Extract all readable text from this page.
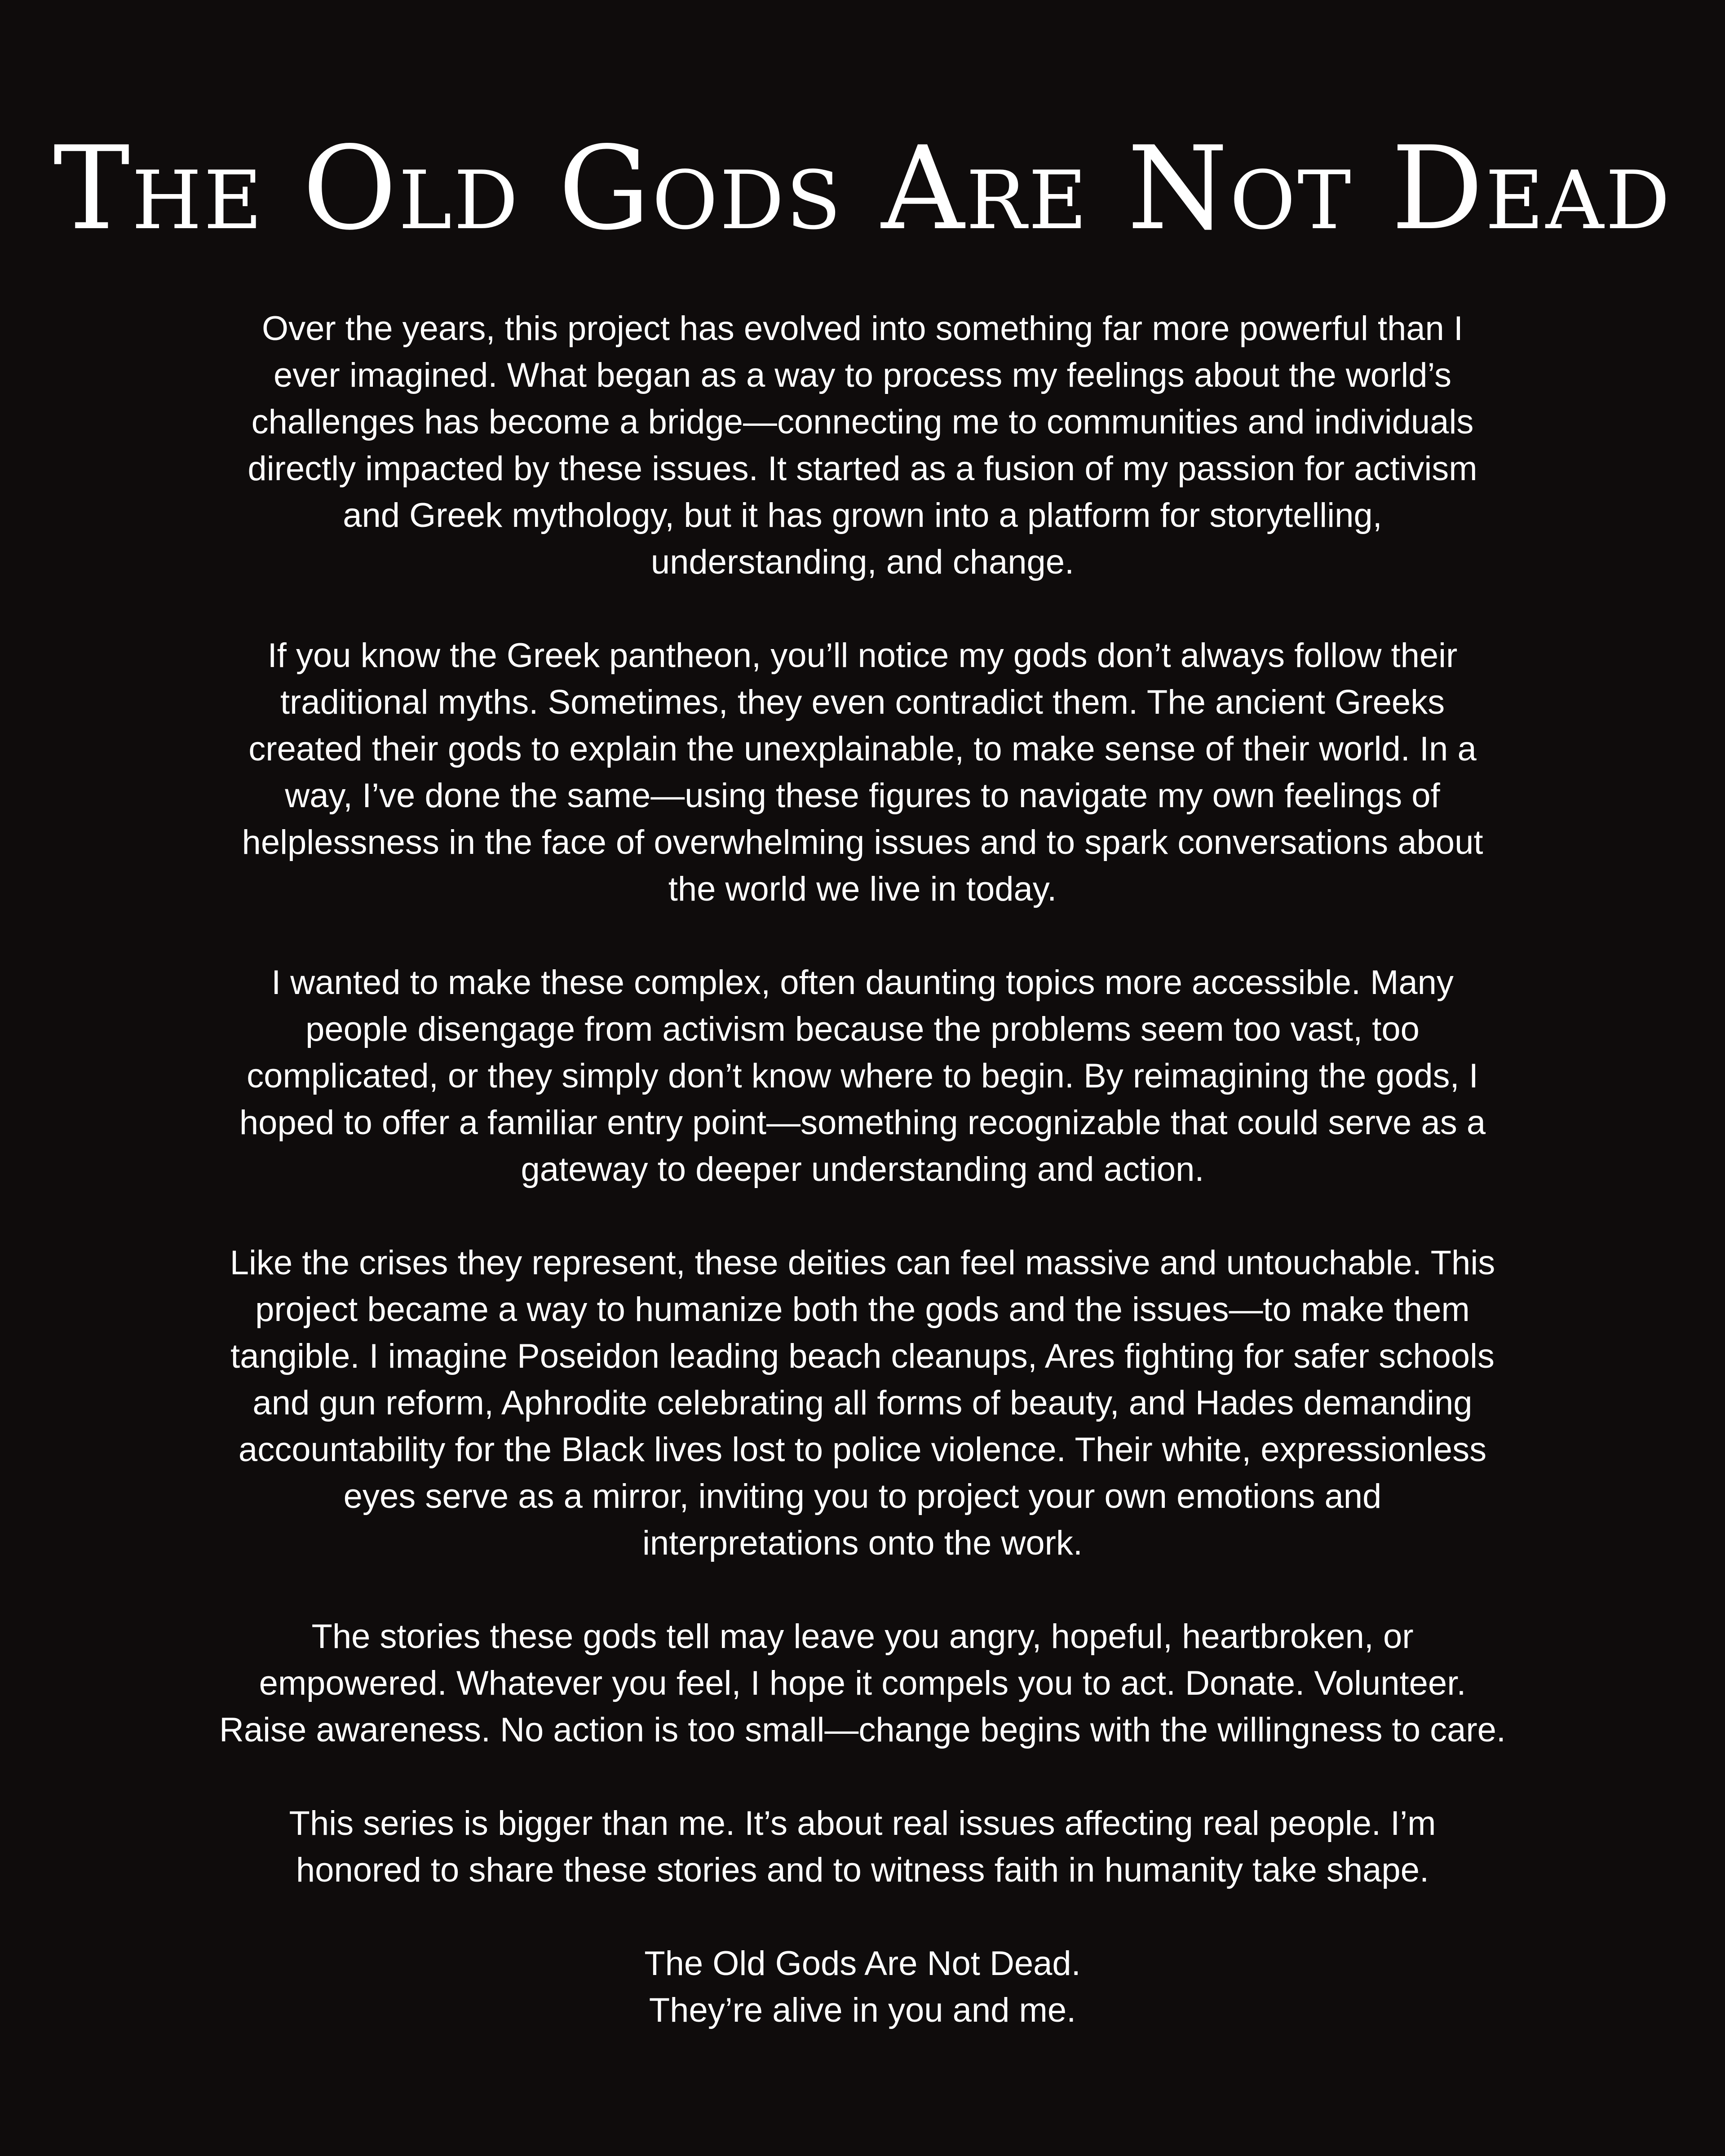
The Old Gods Are Not Dead

Over the years, this project has evolved into something far more powerful than I
ever imagined. What began as a way to process my feelings about the world’s
challenges has become a bridge—connecting me to communities and individuals
directly impacted by these issues. It started as a fusion of my passion for activism
and Greek mythology, but it has grown into a platform for storytelling,
understanding, and change.

If you know the Greek pantheon, you’ll notice my gods don’t always follow their
traditional myths. Sometimes, they even contradict them. The ancient Greeks
created their gods to explain the unexplainable, to make sense of their world. In a
way, I’ve done the same—using these figures to navigate my own feelings of
helplessness in the face of overwhelming issues and to spark conversations about
the world we live in today.

I wanted to make these complex, often daunting topics more accessible. Many
people disengage from activism because the problems seem too vast, too
complicated, or they simply don’t know where to begin. By reimagining the gods, I
hoped to offer a familiar entry point—something recognizable that could serve as a
gateway to deeper understanding and action.

Like the crises they represent, these deities can feel massive and untouchable. This
project became a way to humanize both the gods and the issues—to make them
tangible. I imagine Poseidon leading beach cleanups, Ares fighting for safer schools
and gun reform, Aphrodite celebrating all forms of beauty, and Hades demanding
accountability for the Black lives lost to police violence. Their white, expressionless
eyes serve as a mirror, inviting you to project your own emotions and
interpretations onto the work.

The stories these gods tell may leave you angry, hopeful, heartbroken, or
empowered. Whatever you feel, I hope it compels you to act. Donate. Volunteer.
Raise awareness. No action is too small—change begins with the willingness to care.

This series is bigger than me. It’s about real issues affecting real people. I’m
honored to share these stories and to witness faith in humanity take shape.

The Old Gods Are Not Dead.
They’re alive in you and me.
